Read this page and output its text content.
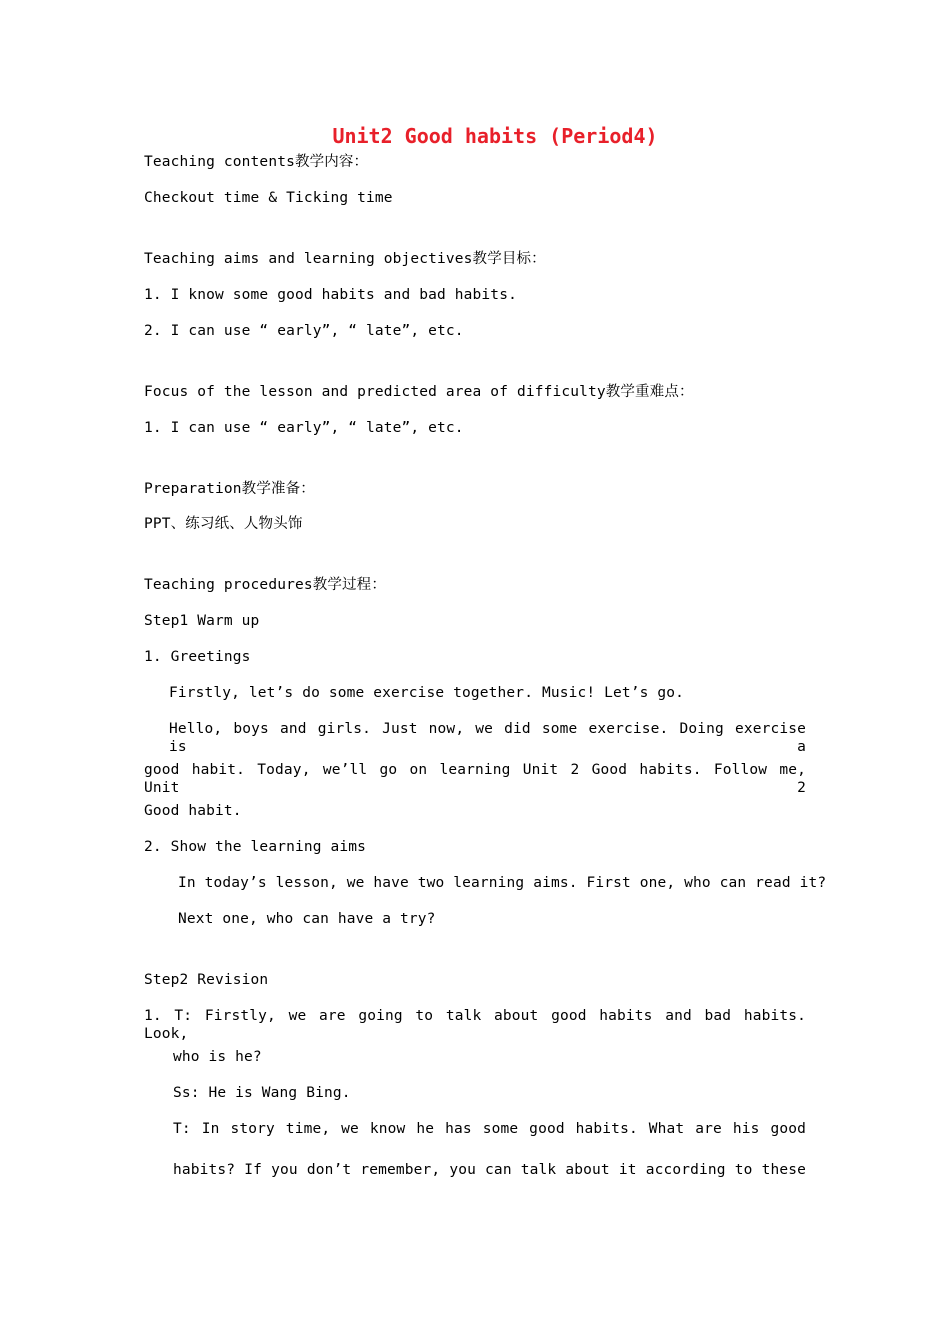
Unit2 Good habits (Period4)
Teaching contents教学内容：
Checkout time & Ticking time
Teaching aims and learning objectives教学目标：
1. I know some good habits and bad habits.
2. I can use “ early”, “ late”, etc.
Focus of the lesson and predicted area of difficulty教学重难点：
1. I can use “ early”, “ late”, etc.
Preparation教学准备：
PPT、练习纸、人物头饰
Teaching procedures教学过程：
Step1 Warm up
1. Greetings
Firstly, let’s do some exercise together. Music! Let’s go.
Hello, boys and girls. Just now, we did some exercise. Doing exercise is a
good habit. Today, we’ll go on learning Unit 2 Good habits. Follow me, Unit 2
Good habit.
2. Show the learning aims
In today’s lesson, we have two learning aims. First one, who can read it?
Next one, who can have a try?
Step2 Revision
1. T: Firstly, we are going to talk about good habits and bad habits. Look,
who is he?
Ss: He is Wang Bing.
T: In story time, we know he has some good habits. What are his good
habits? If you don’t remember, you can talk about it according to these
